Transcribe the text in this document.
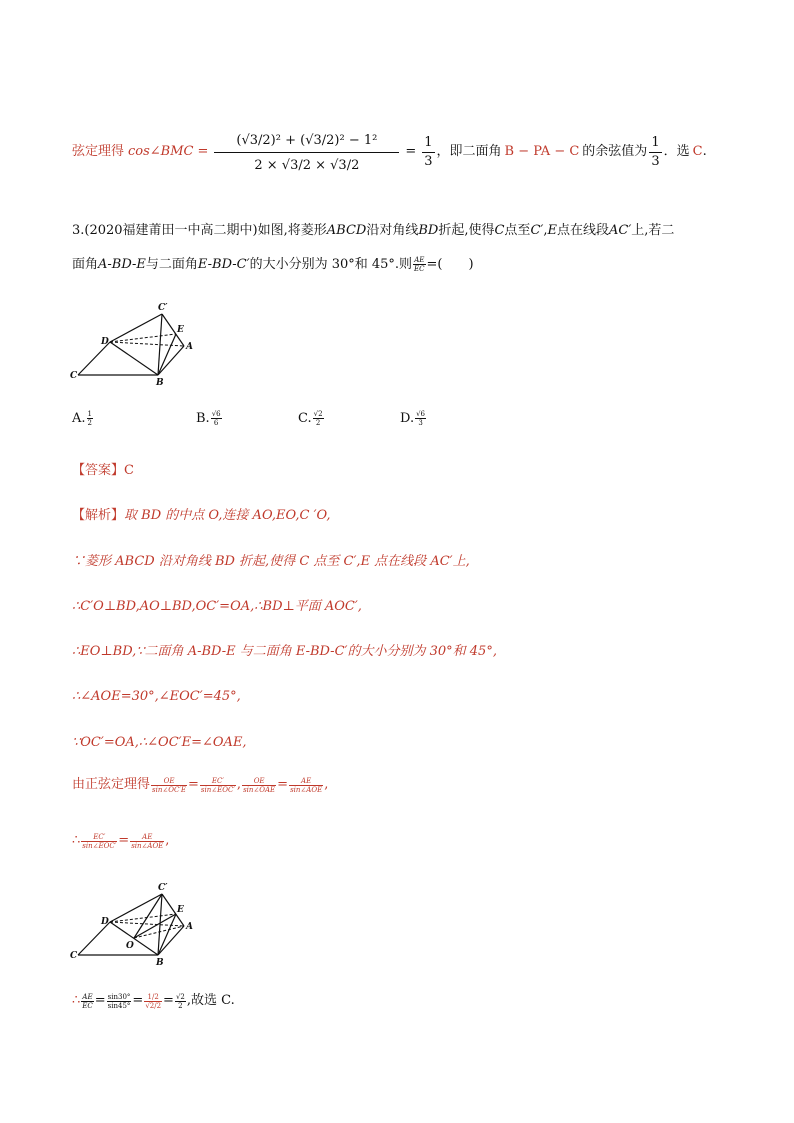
弦定理得 cos∠BMC = $\frac{\text{(√3/2)² + (√3/2)² − 1²}}{2 \times √3/2 \times √3/2} = \frac{1}{3}$ ，即二面角 B − PA − C 的余弦值为
1
3
．选 C .
3.(2020福建莆田一中高二期中)如图,将菱形ABCD沿对角线BD折起,使得C点至C′,E点在线段AC′上,若二
面角A-BD-E与二面角E-BD-C′的大小分别为 30°和 45°.则 $\frac{AE}{EC}$ =(　　)
C′
E
D	A
C
B
A. $\frac{1}{2}$	B. $\frac{√6}{6}$	C. $\frac{√2}{2}$	D. $\frac{√6}{3}$
【答案】C
【解析】取 BD 的中点 O,连接 AO,EO,C ′O,
∵菱形 ABCD 沿对角线 BD 折起,使得 C 点至 C′,E 点在线段 AC′上,
∴C′O⊥BD,AO⊥BD,OC′=OA,∴BD⊥平面 AOC′,
∴EO⊥BD,∵二面角 A-BD-E 与二面角 E-BD-C′的大小分别为 30°和 45°,
∴∠AOE=30°,∠EOC′=45°,
∵OC′=OA,∴∠OC′E=∠OAE,
由正弦定理得 $\frac{OE}{\sin\angle OC'E} = \frac{EC'}{\text{sin∠EOC′}}$ , $\frac{OE}{\text{sin∠OAE}} = \frac{AE}{\text{sin∠AOE}}$ ,
∴ $\frac{EC'}{\text{sin∠EOC′}} = \frac{AE}{\text{sin∠AOE}}$ ,
C′
E
D	A
C
B
O
∴ $\frac{AE}{EC} = \frac{\sin 30^\circ}{\sin 45^\circ} = \frac{1/2}{√2/2} = \frac{√2}{2}$ ,故选 C.
